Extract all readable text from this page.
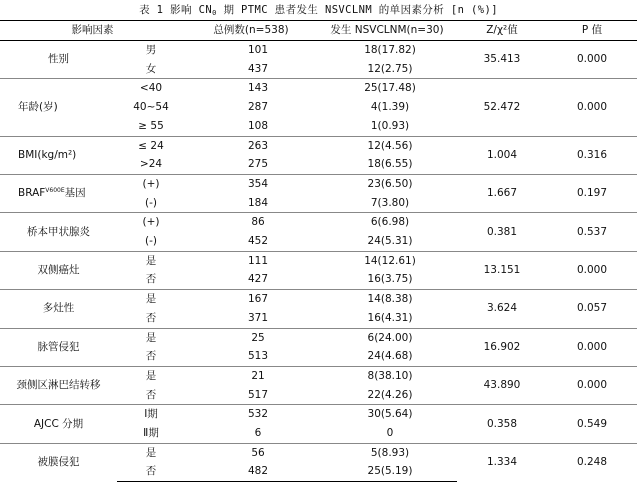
表 1 影响 $CN_0$ 期 PTMC 患者发生 NSVCLNM 的单因素分析 [n (%)]
影响因素		总例数(n=538)	发生 NSVCLNM(n=30)	Z/χ²值	P 值
性别	男	101	18(17.82)	35.413	0.000
	女	437	12(2.75)		
年龄(岁)	<40	143	25(17.48)	52.472	0.000
	40~54	287	4(1.39)		
	≥ 55	108	1(0.93)		
BMI(kg/m²)	≤ 24	263	12(4.56)	1.004	0.316
	>24	275	18(6.55)		
$BRAF^{V600E}$基因	(+)	354	23(6.50)	1.667	0.197
	(-)	184	7(3.80)		
桥本甲状腺炎	(+)	86	6(6.98)	0.381	0.537
	(-)	452	24(5.31)		
双侧癌灶	是	111	14(12.61)	13.151	0.000
	否	427	16(3.75)		
多灶性	是	167	14(8.38)	3.624	0.057
	否	371	16(4.31)		
脉管侵犯	是	25	6(24.00)	16.902	0.000
	否	513	24(4.68)		
颈侧区淋巴结转移	是	21	8(38.10)	43.890	0.000
	否	517	22(4.26)		
AJCC 分期	Ⅰ期	532	30(5.64)	0.358	0.549
	Ⅱ期	6	0		
被膜侵犯	是	56	5(8.93)	1.334	0.248
	否	482	25(5.19)		
